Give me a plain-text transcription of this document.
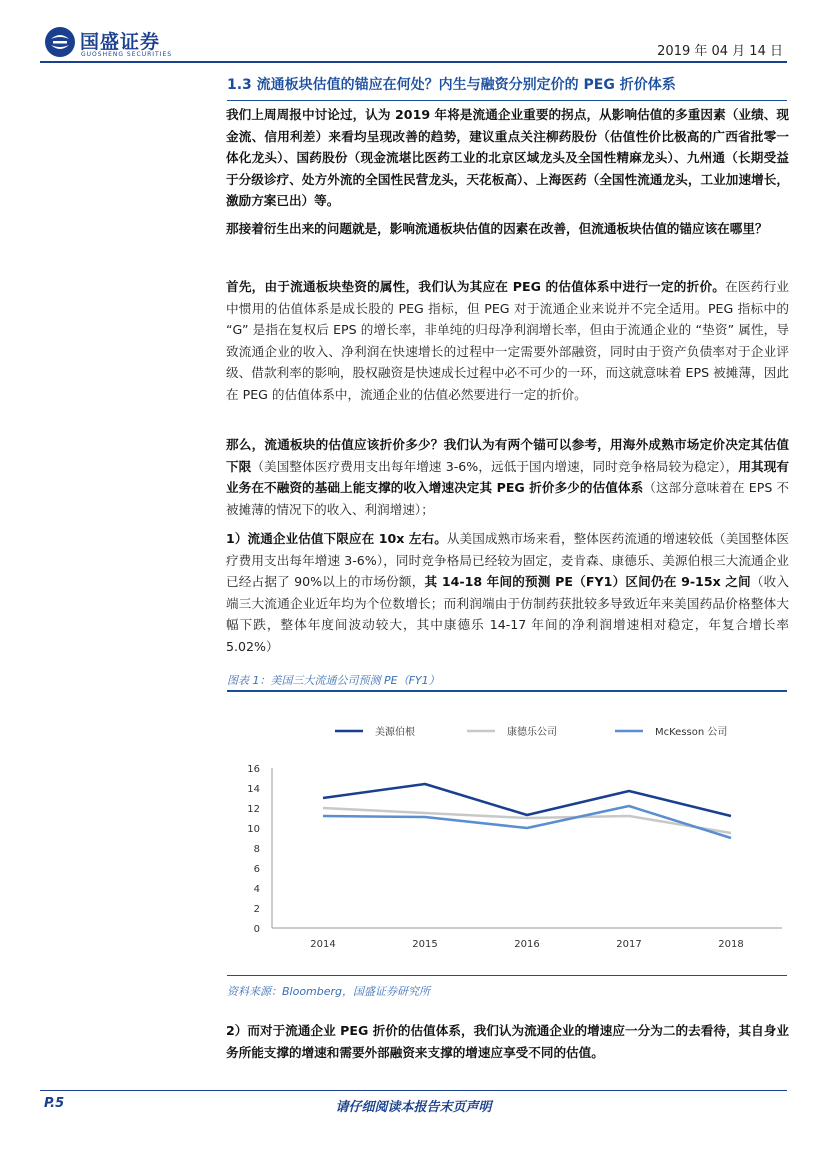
国盛证券
GUOSHENG SECURITIES	2019 年 04 月 14 日
1.3 流通板块估值的锚应在何处？内生与融资分别定价的 PEG 折价体系
我们上周周报中讨论过，认为 2019 年将是流通企业重要的拐点，从影响估值的多重因素（业绩、现金流、信用利差）来看均呈现改善的趋势，建议重点关注柳药股份（估值性价比极高的广西省批零一体化龙头）、国药股份（现金流堪比医药工业的北京区域龙头及全国性精麻龙头）、九州通（长期受益于分级诊疗、处方外流的全国性民营龙头，天花板高）、上海医药（全国性流通龙头，工业加速增长，激励方案已出）等。
那接着衍生出来的问题就是，影响流通板块估值的因素在改善，但流通板块估值的锚应该在哪里？
首先，由于流通板块垫资的属性，我们认为其应在 PEG 的估值体系中进行一定的折价。在医药行业中惯用的估值体系是成长股的 PEG 指标，但 PEG 对于流通企业来说并不完全适用。PEG 指标中的 “G” 是指在复权后 EPS 的增长率，非单纯的归母净利润增长率，但由于流通企业的 “垫资” 属性，导致流通企业的收入、净利润在快速增长的过程中一定需要外部融资，同时由于资产负债率对于企业评级、借款利率的影响，股权融资是快速成长过程中必不可少的一环，而这就意味着 EPS 被摊薄，因此在 PEG 的估值体系中，流通企业的估值必然要进行一定的折价。
那么，流通板块的估值应该折价多少？我们认为有两个锚可以参考，用海外成熟市场定价决定其估值下限（美国整体医疗费用支出每年增速 3-6%，远低于国内增速，同时竞争格局较为稳定），用其现有业务在不融资的基础上能支撑的收入增速决定其 PEG 折价多少的估值体系（这部分意味着在 EPS 不被摊薄的情况下的收入、利润增速）；
1）流通企业估值下限应在 10x 左右。从美国成熟市场来看，整体医药流通的增速较低（美国整体医疗费用支出每年增速 3-6%），同时竞争格局已经较为固定，麦肯森、康德乐、美源伯根三大流通企业已经占据了 90%以上的市场份额，其 14-18 年间的预测 PE（FY1）区间仍在 9-15x 之间（收入端三大流通企业近年均为个位数增长；而利润端由于仿制药获批较多导致近年来美国药品价格整体大幅下跌，整体年度间波动较大，其中康德乐 14-17 年间的净利润增速相对稳定，年复合增长率 5.02%）
图表 1：美国三大流通公司预测 PE（FY1）
美源伯根	康德乐公司	McKesson 公司
0
2
4
6
8
10
12
14
16
2014	2015	2016	2017	2018
资料来源：Bloomberg，国盛证券研究所
2）而对于流通企业 PEG 折价的估值体系，我们认为流通企业的增速应一分为二的去看待，其自身业务所能支撑的增速和需要外部融资来支撑的增速应享受不同的估值。
请仔细阅读本报告末页声明
P.5
